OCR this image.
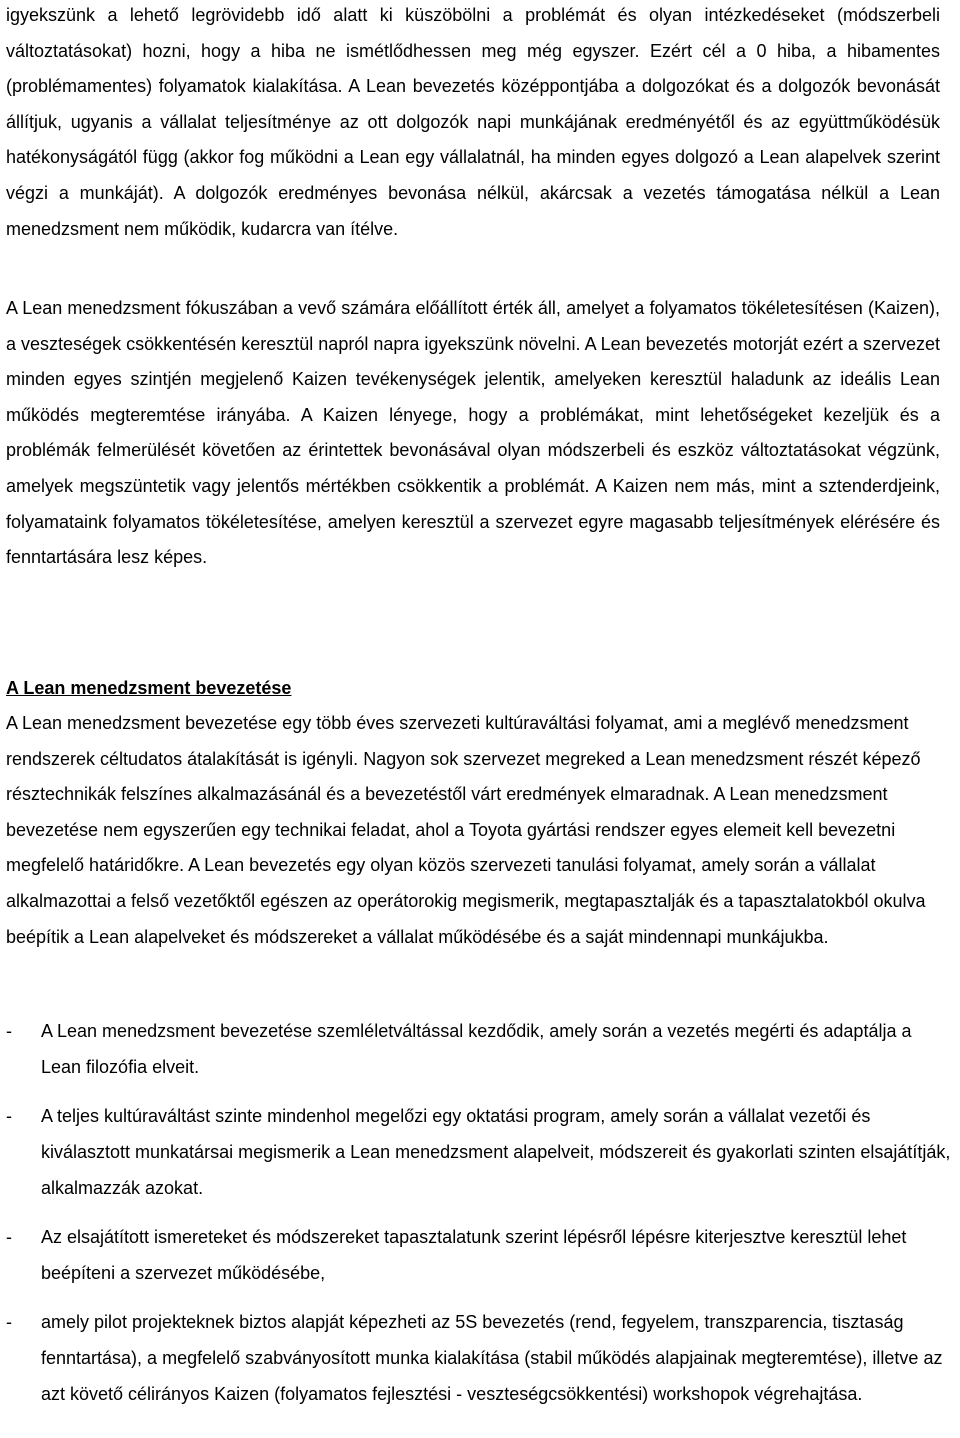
igyekszünk a lehető legrövidebb idő alatt ki küszöbölni a problémát és olyan intézkedéseket (módszerbeli változtatásokat) hozni, hogy a hiba ne ismétlődhessen meg még egyszer. Ezért cél a 0 hiba, a hibamentes (problémamentes) folyamatok kialakítása. A Lean bevezetés középpontjába a dolgozókat és a dolgozók bevonását állítjuk, ugyanis a vállalat teljesítménye az ott dolgozók napi munkájának eredményétől és az együttműködésük hatékonyságától függ (akkor fog működni a Lean egy vállalatnál, ha minden egyes dolgozó a Lean alapelvek szerint végzi a munkáját). A dolgozók eredményes bevonása nélkül, akárcsak a vezetés támogatása nélkül a Lean menedzsment nem működik, kudarcra van ítélve.

A Lean menedzsment fókuszában a vevő számára előállított érték áll, amelyet a folyamatos tökéletesítésen (Kaizen), a veszteségek csökkentésén keresztül napról napra igyekszünk növelni. A Lean bevezetés motorját ezért a szervezet minden egyes szintjén megjelenő Kaizen tevékenységek jelentik, amelyeken keresztül haladunk az ideális Lean működés megteremtése irányába. A Kaizen lényege, hogy a problémákat, mint lehetőségeket kezeljük és a problémák felmerülését követően az érintettek bevonásával olyan módszerbeli és eszköz változtatásokat végzünk, amelyek megszüntetik vagy jelentős mértékben csökkentik a problémát. A Kaizen nem más, mint a sztenderdjeink, folyamataink folyamatos tökéletesítése, amelyen keresztül a szervezet egyre magasabb teljesítmények elérésére és fenntartására lesz képes.

A Lean menedzsment bevezetése

A Lean menedzsment bevezetése egy több éves szervezeti kultúraváltási folyamat, ami a meglévő menedzsment rendszerek céltudatos átalakítását is igényli. Nagyon sok szervezet megreked a Lean menedzsment részét képező résztechnikák felszínes alkalmazásánál és a bevezetéstől várt eredmények elmaradnak. A Lean menedzsment bevezetése nem egyszerűen egy technikai feladat, ahol a Toyota gyártási rendszer egyes elemeit kell bevezetni megfelelő határidőkre. A Lean bevezetés egy olyan közös szervezeti tanulási folyamat, amely során a vállalat alkalmazottai a felső vezetőktől egészen az operátorokig megismerik, megtapasztalják és a tapasztalatokból okulva beépítik a Lean alapelveket és módszereket a vállalat működésébe és a saját mindennapi munkájukba.

- A Lean menedzsment bevezetése szemléletváltással kezdődik, amely során a vezetés megérti és adaptálja a Lean filozófia elveit.
- A teljes kultúraváltást szinte mindenhol megelőzi egy oktatási program, amely során a vállalat vezetői és kiválasztott munkatársai megismerik a Lean menedzsment alapelveit, módszereit és gyakorlati szinten elsajátítják, alkalmazzák azokat.
- Az elsajátított ismereteket és módszereket tapasztalatunk szerint lépésről lépésre kiterjesztve keresztül lehet beépíteni a szervezet működésébe,
- amely pilot projekteknek biztos alapját képezheti az 5S bevezetés (rend, fegyelem, transzparencia, tisztaság fenntartása), a megfelelő szabványosított munka kialakítása (stabil működés alapjainak megteremtése), illetve az azt követő célirányos Kaizen (folyamatos fejlesztési - veszteségcsökkentési) workshopok végrehajtása.
